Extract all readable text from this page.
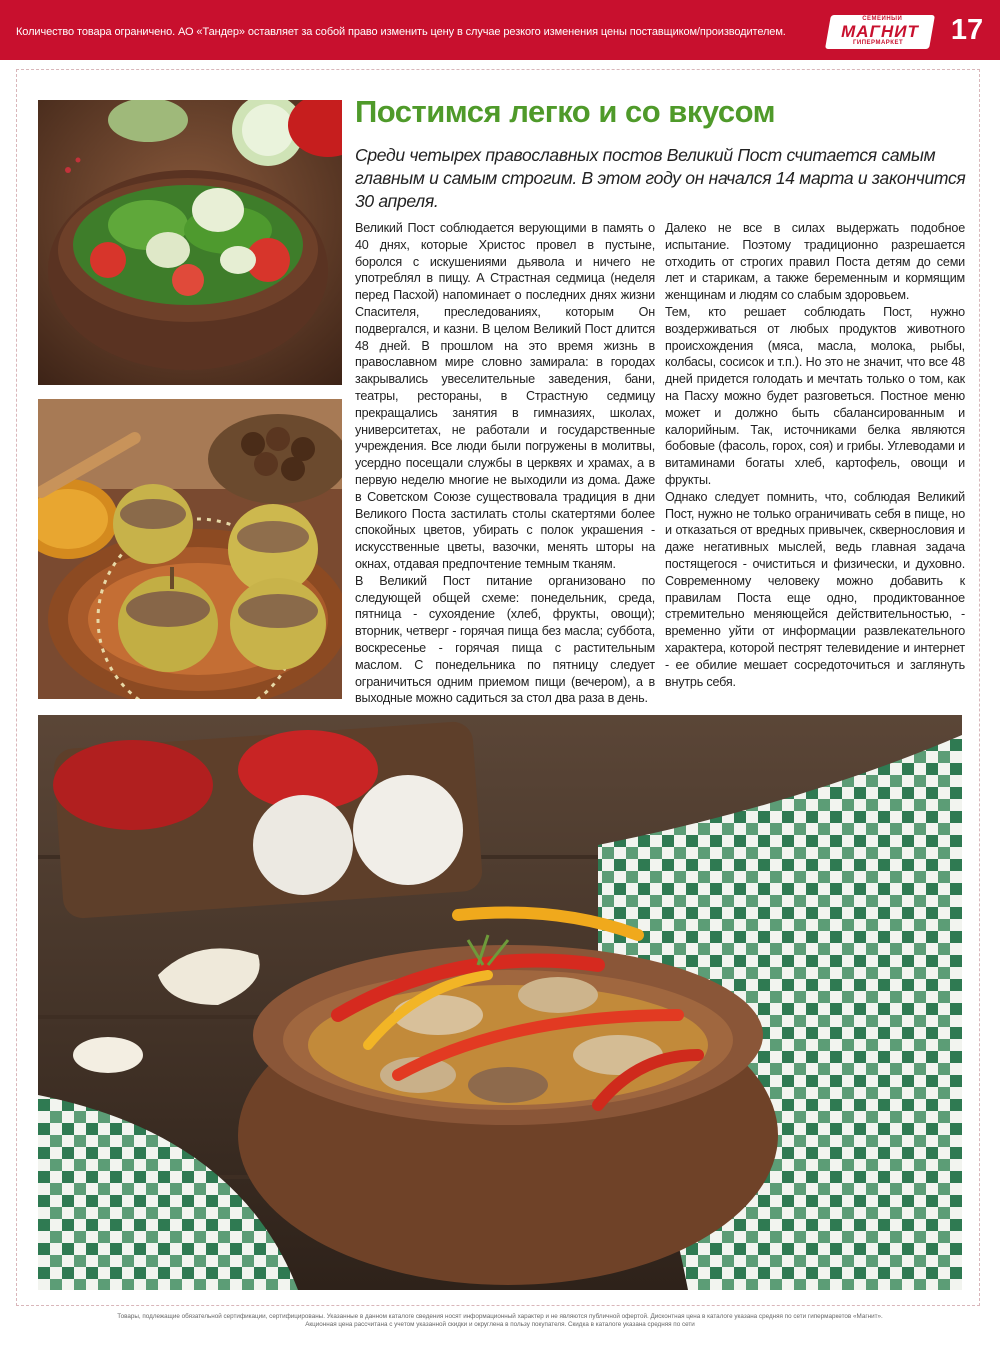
Количество товара ограничено. АО «Тандер» оставляет за собой право изменить цену в случае резкого изменения цены поставщиком/производителем.
СЕМЕЙНЫЙ
МАГНИТ
ГИПЕРМАРКЕТ	17
Постимся легко и со вкусом
Среди четырех православных постов Великий Пост считается самым главным и самым строгим. В этом году он начался 14 марта и закончится 30 апреля.

Великий Пост соблюдается верующими в память о 40 днях, которые Христос провел в пустыне, боролся с искушениями дьявола и ничего не употреблял в пищу. А Страстная седмица (неделя перед Пасхой) напоминает о последних днях жизни Спасителя, преследованиях, которым Он подвергался, и казни. В целом Великий Пост длится 48 дней. В прошлом на это время жизнь в православном мире словно замирала: в городах закрывались увеселительные заведения, бани, театры, рестораны, в Страстную седмицу прекращались занятия в гимназиях, школах, университетах, не работали и государственные учреждения. Все люди были погружены в молитвы, усердно посещали службы в церквях и храмах, а в первую неделю многие не выходили из дома. Даже в Советском Союзе существовала традиция в дни Великого Поста застилать столы скатертями более спокойных цветов, убирать с полок украшения - искусственные цветы, вазочки, менять шторы на окнах, отдавая предпочтение темным тканям.

В Великий Пост питание организовано по следующей общей схеме: понедельник, среда, пятница - сухоядение (хлеб, фрукты, овощи); вторник, четверг - горячая пища без масла; суббота, воскресенье - горячая пища с растительным маслом. С понедельника по пятницу следует ограничиться одним приемом пищи (вечером), а в выходные можно садиться за стол два раза в день.

Далеко не все в силах выдержать подобное испытание. Поэтому традиционно разрешается отходить от строгих правил Поста детям до семи лет и старикам, а также беременным и кормящим женщинам и людям со слабым здоровьем.

Тем, кто решает соблюдать Пост, нужно воздерживаться от любых продуктов животного происхождения (мяса, масла, молока, рыбы, колбасы, сосисок и т.п.). Но это не значит, что все 48 дней придется голодать и мечтать только о том, как на Пасху можно будет разговеться. Постное меню может и должно быть сбалансированным и калорийным. Так, источниками белка являются бобовые (фасоль, горох, соя) и грибы. Углеводами и витаминами богаты хлеб, картофель, овощи и фрукты.

Однако следует помнить, что, соблюдая Великий Пост, нужно не только ограничивать себя в пище, но и отказаться от вредных привычек, сквернословия и даже негативных мыслей, ведь главная задача постящегося - очиститься и физически, и духовно. Современному человеку можно добавить к правилам Поста еще одно, продиктованное стремительно меняющейся действительностью, - временно уйти от информации развлекательного характера, которой пестрят телевидение и интернет - ее обилие мешает сосредоточиться и заглянуть внутрь себя.

Товары, подлежащие обязательной сертификации, сертифицированы. Указанные в данном каталоге сведения носят информационный характер и не являются публичной офертой. Дисконтная цена в каталоге указана средняя по сети гипермаркетов «Магнит».
Акционная цена рассчитана с учетом указанной скидки и округлена в пользу покупателя. Скидка в каталоге указана средняя по сети
